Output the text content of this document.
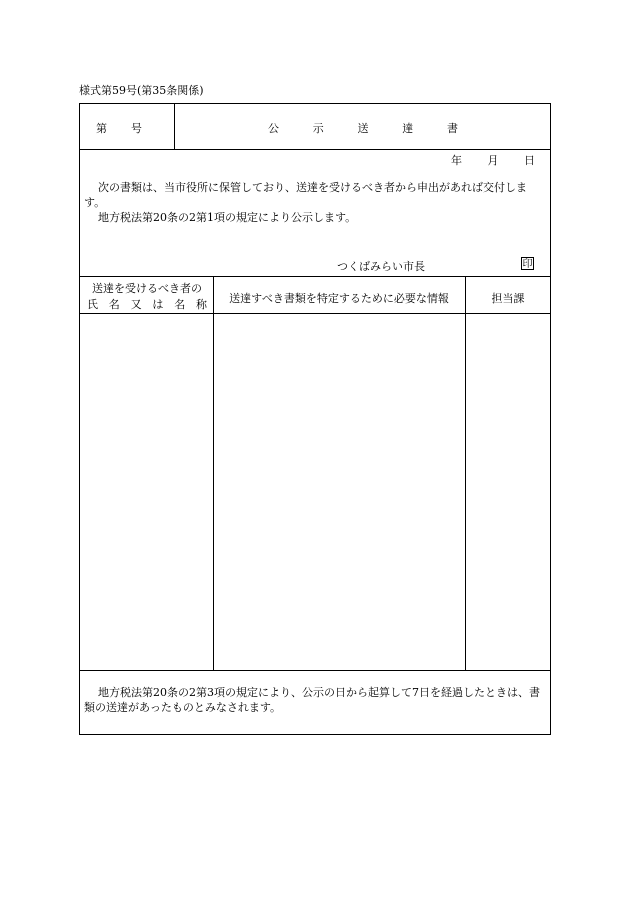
様式第59号(第35条関係)
第 号	公	示	送	達	書
年 月 日
次の書類は、当市役所に保管しており、送達を受けるべき者から申出があれば交付します。
地方税法第20条の2第1項の規定により公示します。
つくばみらい市長	印
送達を受けるべき者の
氏 名 又 は 名 称	送達すべき書類を特定するために必要な情報	担当課
地方税法第20条の2第3項の規定により、公示の日から起算して7日を経過したときは、書類の送達があったものとみなされます。
